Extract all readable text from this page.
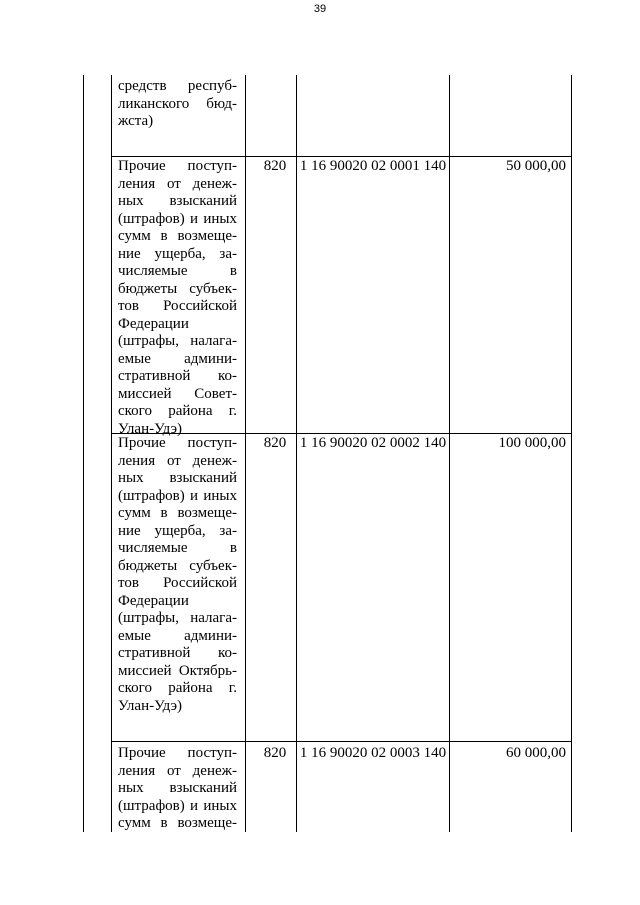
39
средств респуб-
ликанского бюд-
жста)
Прочие поступ-
ления от денеж-
ных взысканий
(штрафов) и иных
сумм в возмеще-
ние ущерба, за-
числяемые в
бюджеты субъек-
тов Российской
Федерации
(штрафы, налага-
емые админи-
стративной ко-
миссией Совет-
ского района г.
Улан-Удэ)
820 1 16 90020 02 0001 140	50 000,00
Прочие поступ-
ления от денеж-
ных взысканий
(штрафов) и иных
сумм в возмеще-
ние ущерба, за-
числяемые в
бюджеты субъек-
тов Российской
Федерации
(штрафы, налага-
емые админи-
стративной ко-
миссией Октябрь-
ского района г.
Улан-Удэ)
820 1 16 90020 02 0002 140	100 000,00
Прочие поступ-
ления от денеж-
ных взысканий
(штрафов) и иных
сумм в возмеще-
820 1 16 90020 02 0003 140	60 000,00
